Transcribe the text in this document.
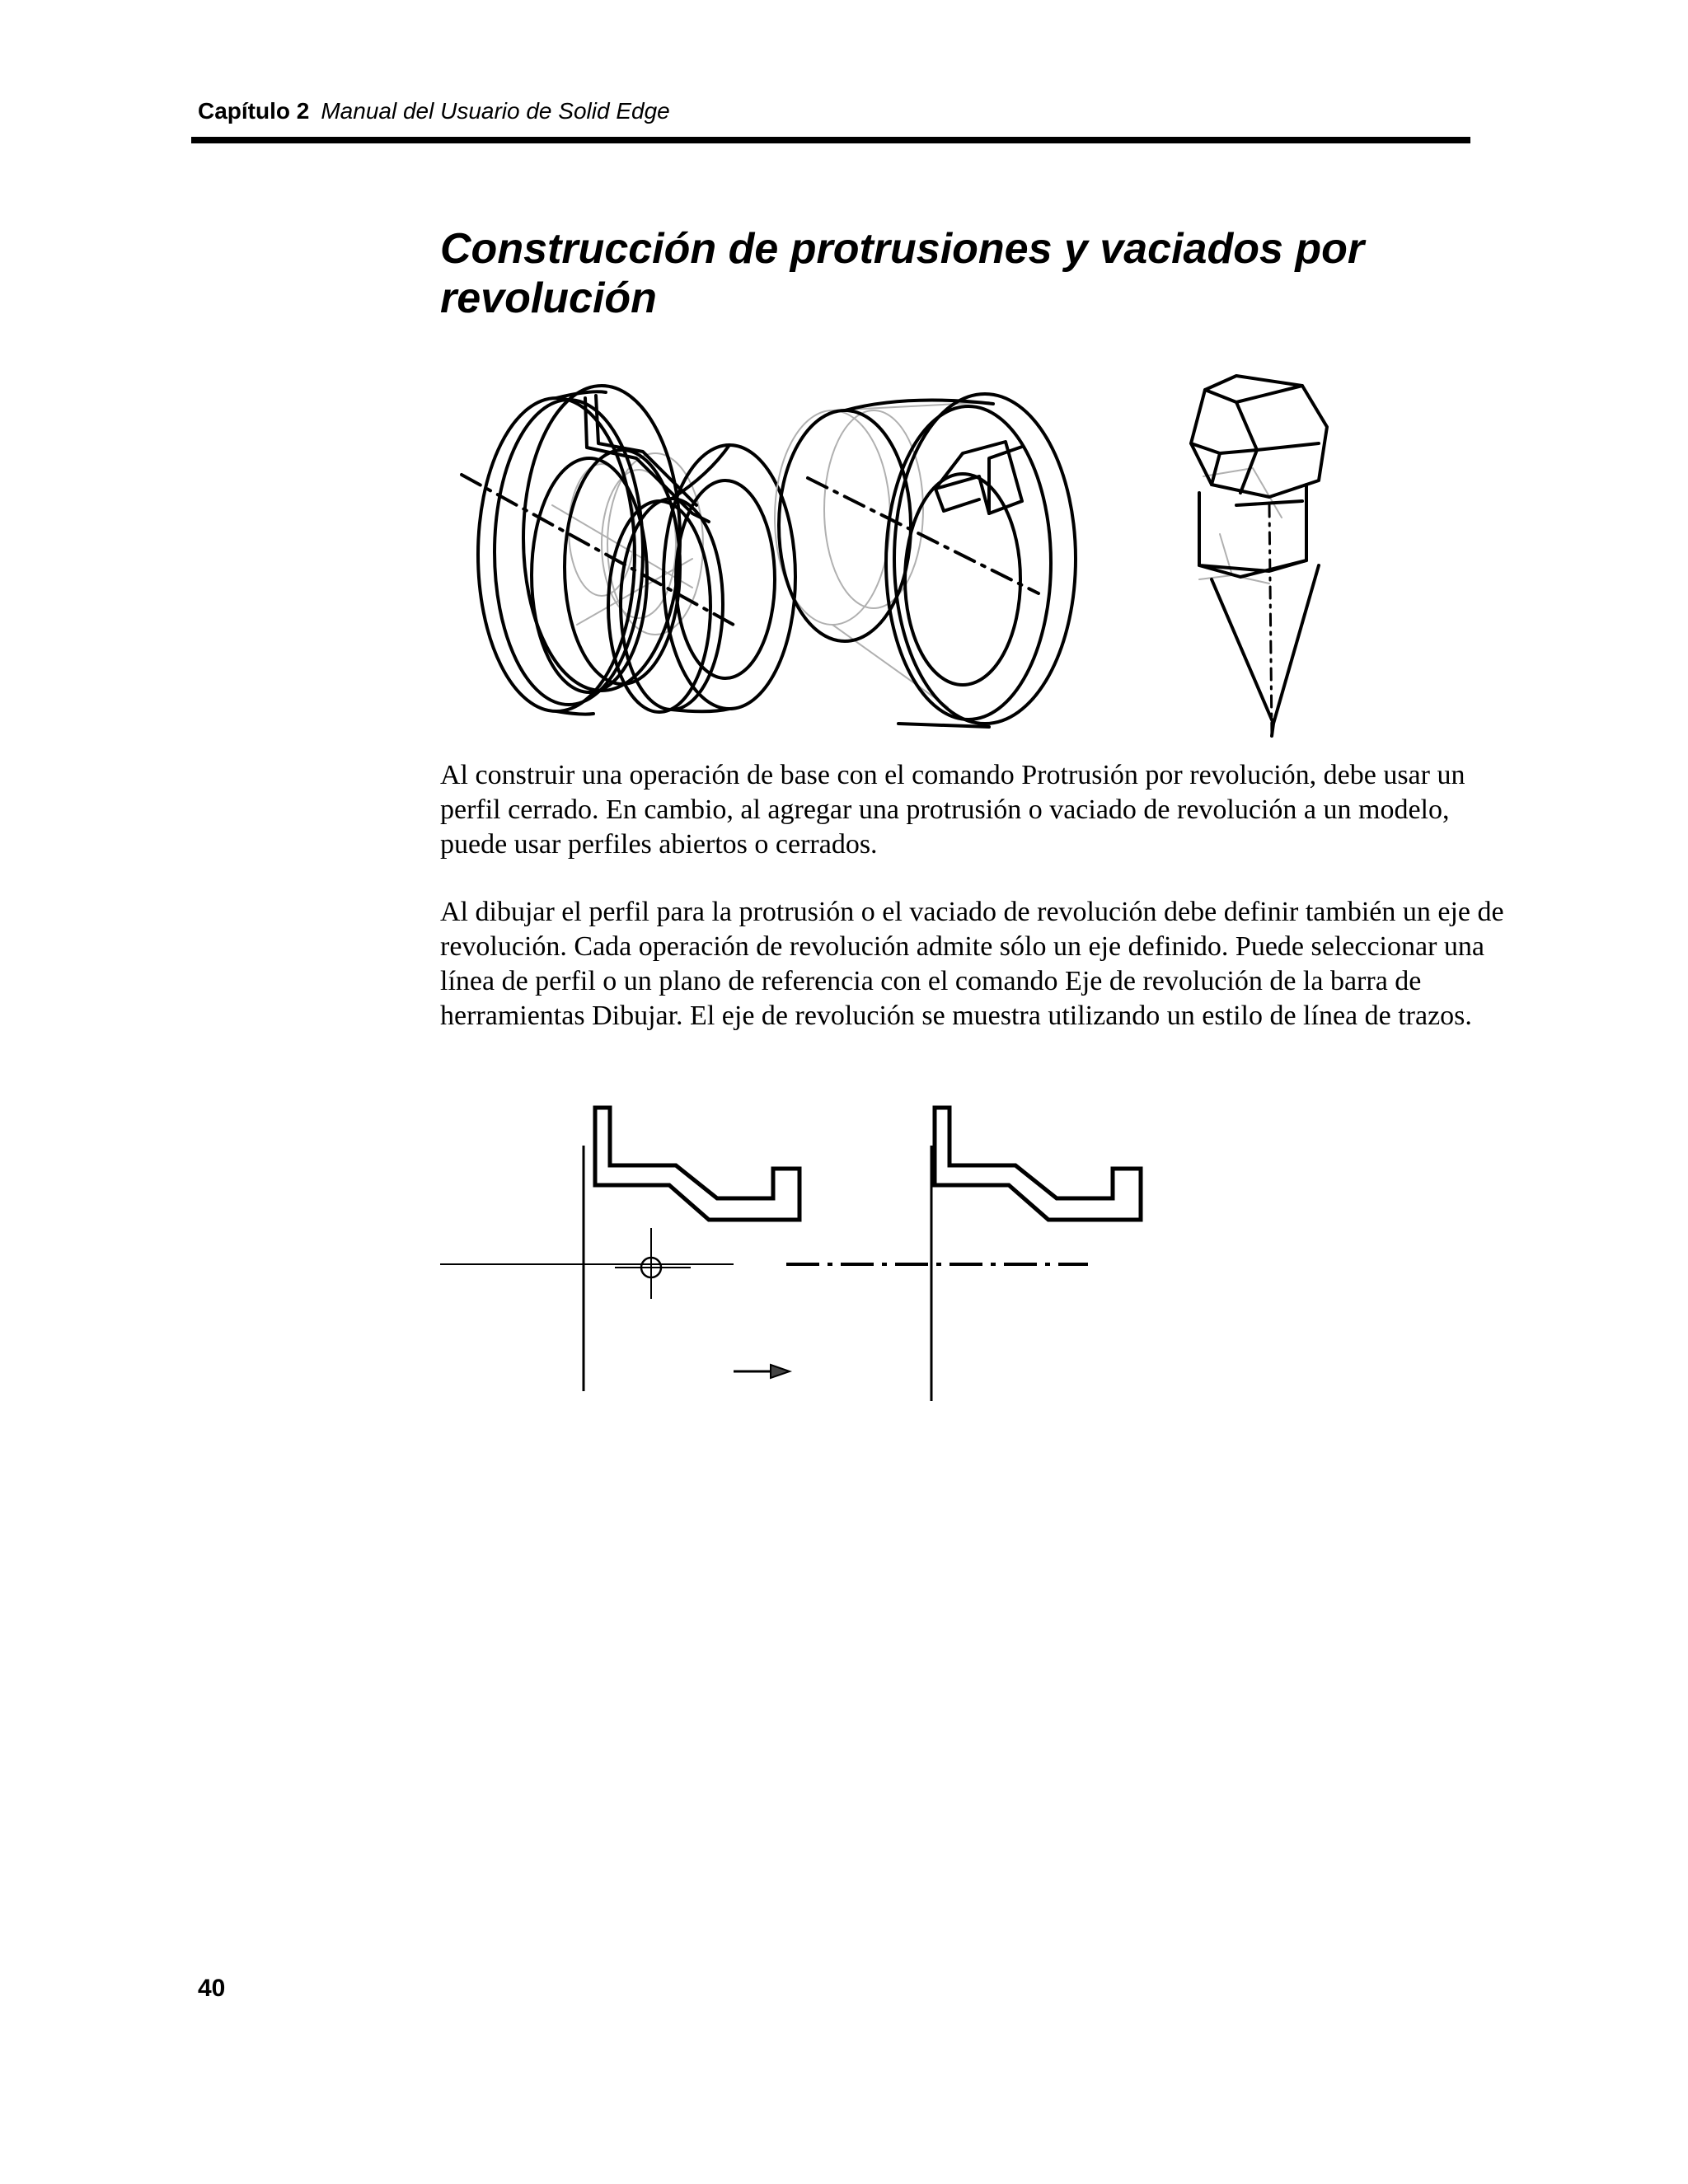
Capítulo 2 Manual del Usuario de Solid Edge
Construcción de protrusiones y vaciados por revolución

Al construir una operación de base con el comando Protrusión por revolución, debe usar un perfil cerrado. En cambio, al agregar una protrusión o vaciado de revolución a un modelo, puede usar perfiles abiertos o cerrados.

Al dibujar el perfil para la protrusión o el vaciado de revolución debe definir también un eje de revolución. Cada operación de revolución admite sólo un eje definido. Puede seleccionar una línea de perfil o un plano de referencia con el comando Eje de revolución de la barra de herramientas Dibujar. El eje de revolución se muestra utilizando un estilo de línea de trazos.

40
